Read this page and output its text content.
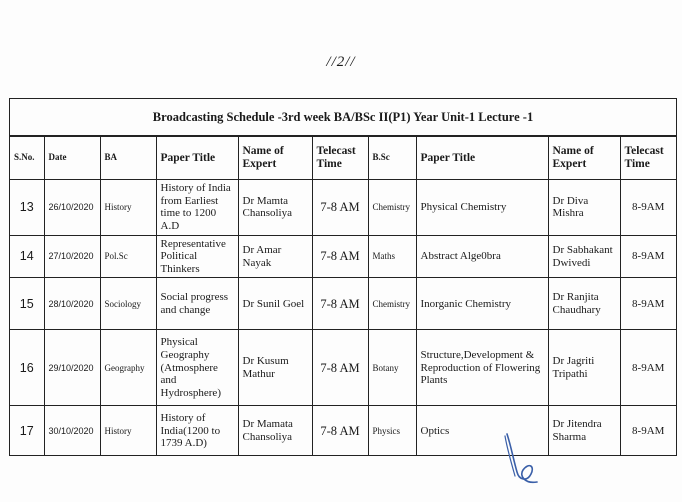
//2//
Broadcasting Schedule -3rd week BA/BSc II(P1) Year Unit-1 Lecture -1
S.No.	Date	BA	Paper Title	Name of Expert	Telecast Time	B.Sc	Paper Title	Name of Expert	Telecast Time
13	26/10/2020	History	History of India from Earliest time to 1200 A.D	Dr Mamta Chansoliya	7-8 AM	Chemistry	Physical Chemistry	Dr Diva Mishra	8-9AM
14	27/10/2020	Pol.Sc	Representative Political Thinkers	Dr Amar Nayak	7-8 AM	Maths	Abstract Alge0bra	Dr Sabhakant Dwivedi	8-9AM
15	28/10/2020	Sociology	Social progress and change	Dr Sunil Goel	7-8 AM	Chemistry	Inorganic Chemistry	Dr Ranjita Chaudhary	8-9AM
16	29/10/2020	Geography	Physical Geography (Atmosphere and Hydrosphere)	Dr Kusum Mathur	7-8 AM	Botany	Structure,Development & Reproduction of Flowering Plants	Dr Jagriti Tripathi	8-9AM
17	30/10/2020	History	History of India(1200 to 1739 A.D)	Dr Mamata Chansoliya	7-8 AM	Physics	Optics	Dr Jitendra Sharma	8-9AM
